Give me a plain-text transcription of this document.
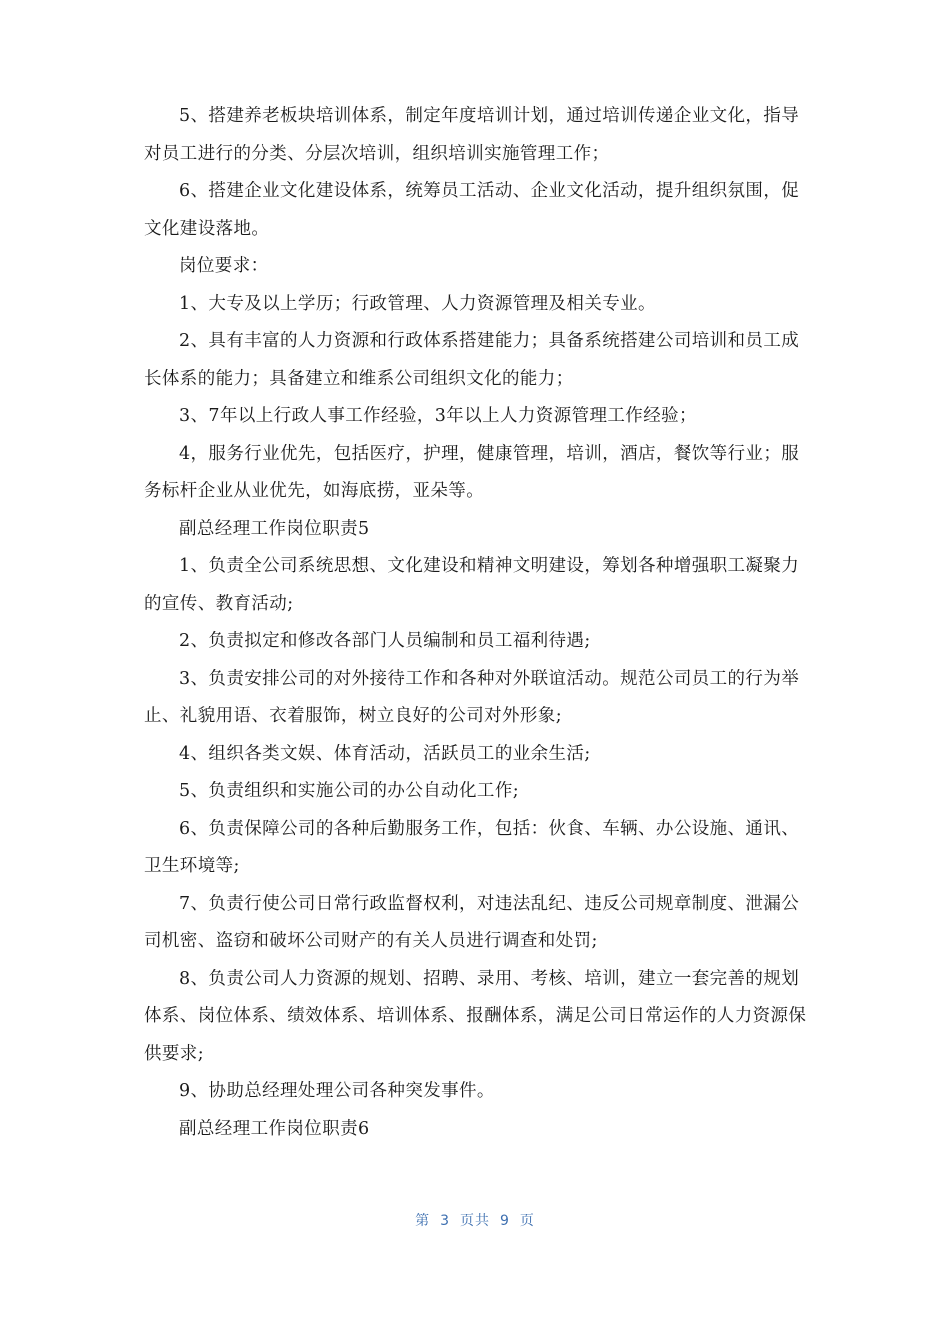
5、搭建养老板块培训体系，制定年度培训计划，通过培训传递企业文化，指导对员工进行的分类、分层次培训，组织培训实施管理工作；

6、搭建企业文化建设体系，统筹员工活动、企业文化活动，提升组织氛围，促文化建设落地。

岗位要求：

1、大专及以上学历；行政管理、人力资源管理及相关专业。

2、具有丰富的人力资源和行政体系搭建能力；具备系统搭建公司培训和员工成长体系的能力；具备建立和维系公司组织文化的能力；

3、7年以上行政人事工作经验，3年以上人力资源管理工作经验；

4，服务行业优先，包括医疗，护理，健康管理，培训，酒店，餐饮等行业；服务标杆企业从业优先，如海底捞，亚朵等。

副总经理工作岗位职责5

1、负责全公司系统思想、文化建设和精神文明建设，筹划各种增强职工凝聚力的宣传、教育活动;

2、负责拟定和修改各部门人员编制和员工福利待遇;

3、负责安排公司的对外接待工作和各种对外联谊活动。规范公司员工的行为举止、礼貌用语、衣着服饰，树立良好的公司对外形象;

4、组织各类文娱、体育活动，活跃员工的业余生活;

5、负责组织和实施公司的办公自动化工作;

6、负责保障公司的各种后勤服务工作，包括：伙食、车辆、办公设施、通讯、卫生环境等;

7、负责行使公司日常行政监督权利，对违法乱纪、违反公司规章制度、泄漏公司机密、盗窃和破坏公司财产的有关人员进行调查和处罚;

8、负责公司人力资源的规划、招聘、录用、考核、培训，建立一套完善的规划体系、岗位体系、绩效体系、培训体系、报酬体系，满足公司日常运作的人力资源保供要求;

9、协助总经理处理公司各种突发事件。

副总经理工作岗位职责6

第 3 页共 9 页
